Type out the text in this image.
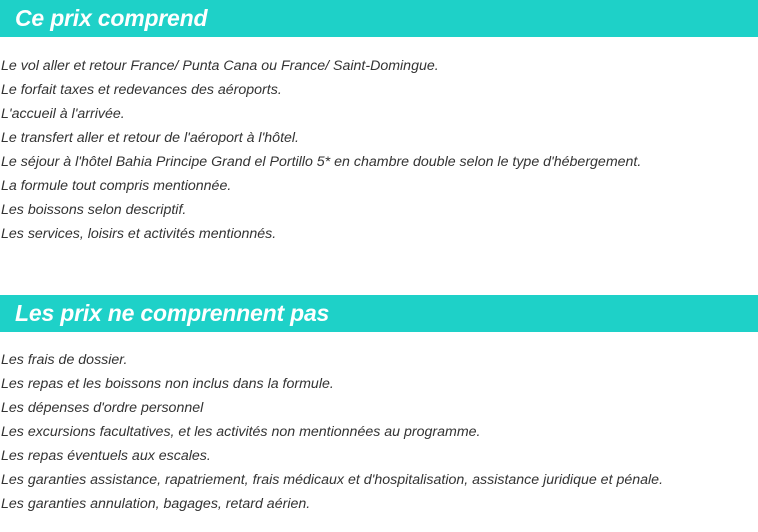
Ce prix comprend
Le vol aller et retour France/ Punta Cana ou France/ Saint-Domingue.
Le forfait taxes et redevances des aéroports.
L'accueil à l'arrivée.
Le transfert aller et retour de l'aéroport à l'hôtel.
Le séjour à l'hôtel Bahia Principe Grand el Portillo 5* en chambre double selon le type d'hébergement.
La formule tout compris mentionnée.
Les boissons selon descriptif.
Les services, loisirs et activités mentionnés.
Les prix ne comprennent pas
Les frais de dossier.
Les repas et les boissons non inclus dans la formule.
Les dépenses d'ordre personnel
Les excursions facultatives, et les activités non mentionnées au programme.
Les repas éventuels aux escales.
Les garanties assistance, rapatriement, frais médicaux et d'hospitalisation, assistance juridique et pénale.
Les garanties annulation, bagages, retard aérien.
